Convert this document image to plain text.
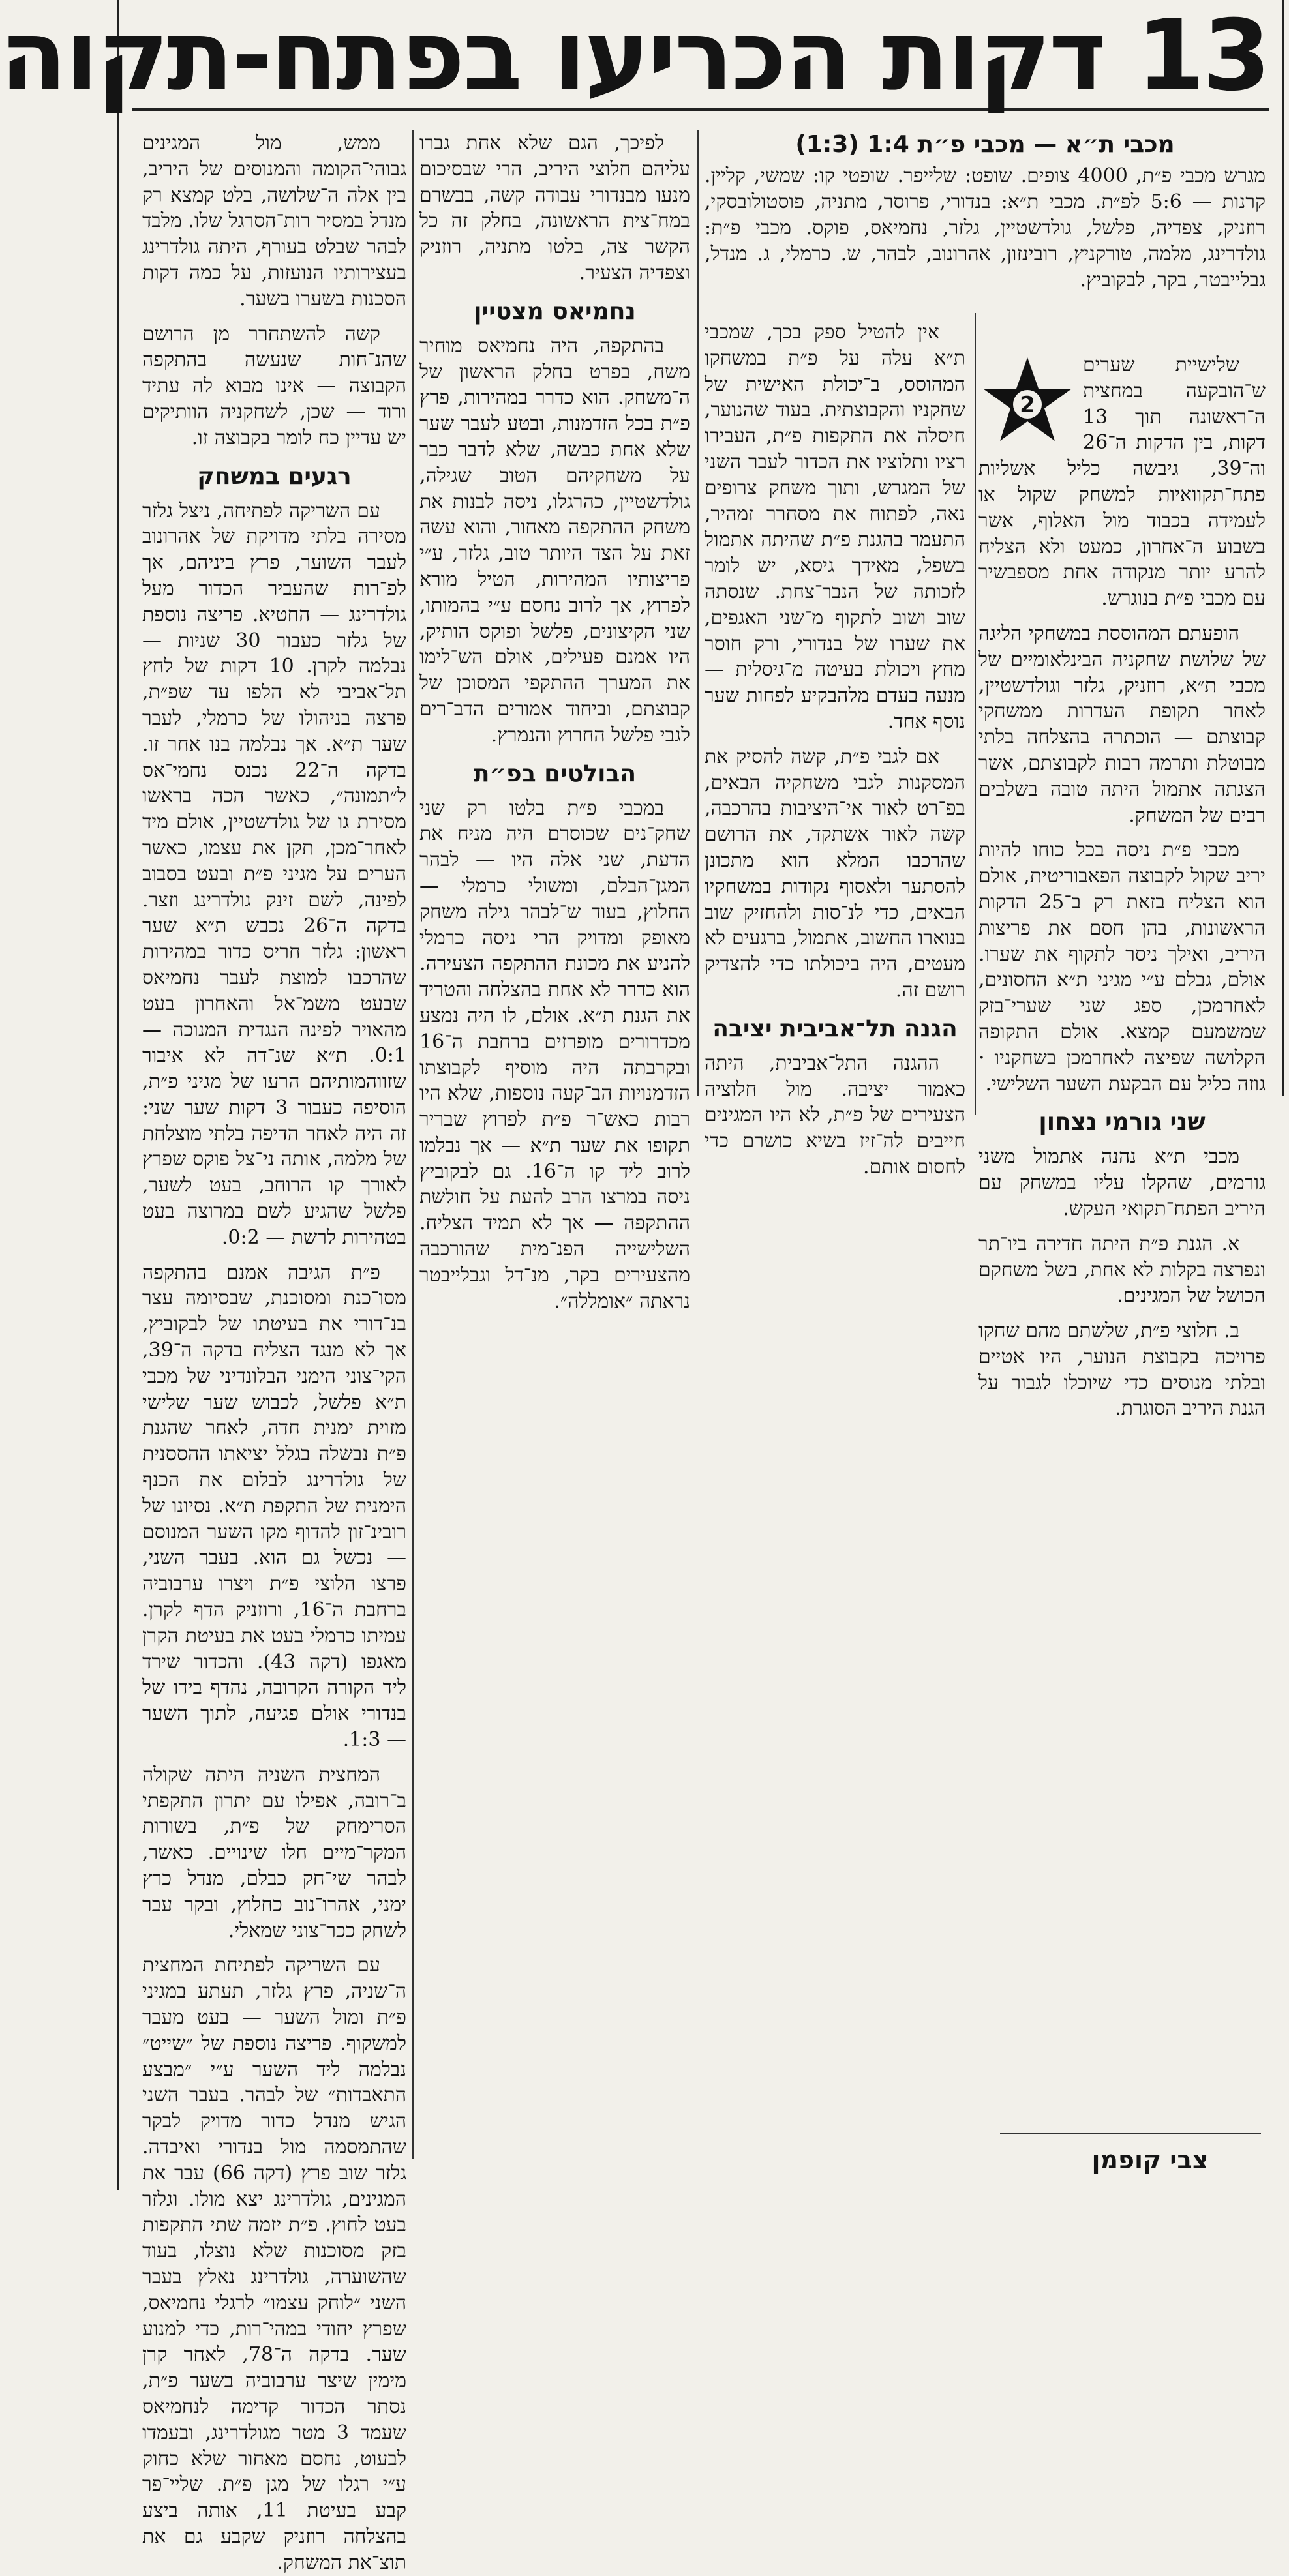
13 דקות הכריעו בפתח-תקוה
מכבי ת״א — מכבי פ״ת 1:4 (1:3)

מגרש מכבי פ״ת, 4000 צופים. שופט: שלייפר. שופטי קו: שמשי, קליין. קרנות — 5:6 לפ״ת. מכבי ת״א: בנדורי, פרוסר, מתניה, פוסטולובסקי, רוזניק, צפדיה, פלשל, גולדשטיין, גלזר, נחמיאס, פוקס. מכבי פ״ת: גולדרינג, מלמה, טורקניץ, רובינזון, אהרונוב, לבהר, ש. כרמלי, ג. מנדל, גבלייבטר, בקר, לבקוביץ.

2

שלישיית שערים ש־הובקעה במחצית ה־ראשונה תוך 13 דקות, בין הדקות ה־26 וה־39, גיבשה כליל אשליות פתח־תקוואיות למשחק שקול או לעמידה בכבוד מול האלוף, אשר בשבוע ה־אחרון, כמעט ולא הצליח להרע יותר מנקודה אחת מספבשיר עם מכבי פ״ת בנוגרש.

הופעתם המהוססת במשחקי הליגה של שלושת שחקניה הבינלאומיים של מכבי ת״א, רוזניק, גלזר וגולדשטיין, לאחר תקופת העדרות ממשחקי קבוצתם — הוכתרה בהצלחה בלתי מבוטלת ותרמה רבות לקבוצתם, אשר הצגתה אתמול היתה טובה בשלבים רבים של המשחק.

מכבי פ״ת ניסה בכל כוחו להיות יריב שקול לקבוצה הפאבוריטית, אולם הוא הצליח בזאת רק ב־25 הדקות הראשונות, בהן חסם את פריצות היריב, ואילך ניסר לתקוף את שערו. אולם, גבלם ע״י מגיני ת״א החסונים, לאחרמכן, ספג שני שערי־בזק שמשמעם קמצא. אולם התקופה הקלושה שפיצה לאחרמכן בשחקניו · גוזה כליל עם הבקעת השער השלישי.

שני גורמי נצחון

מכבי ת״א נהנה אתמול משני גורמים, שהקלו עליו במשחק עם היריב הפתח־תקואי העקש.

א. הגנת פ״ת היתה חדירה ביו־תר ונפרצה בקלות לא אחת, בשל משחקם הכושל של המגינים.

ב. חלוצי פ״ת, שלשתם מהם שחקו פרויכה בקבוצת הנוער, היו אטיים ובלתי מנוסים כדי שיוכלו לגבור על הגנת היריב הסוגרת.

אין להטיל ספק בכך, שמכבי ת״א עלה על פ״ת במשחקו המהוסס, ב־יכולת האישית של שחקניו והקבוצתית. בעוד שהנוער, חיסלה את התקפות פ״ת, העבירו רציו ותלוציו את הכדור לעבר השני של המגרש, ותוך משחק צרופים נאה, לפתוח את מסחרר זמהיר, התעמר בהגנת פ״ת שהיתה אתמול בשפל, מאידך גיסא, יש לומר לזכותה של הנבר־צחת. שנסתה שוב ושוב לתקוף מ־שני האגפים, את שערו של בנדורי, ורק חוסר מחץ ויכולת בעיטה מ־גיסלית — מנעה בעדם מלהבקיע לפחות שער נוסף אחד.

אם לגבי פ״ת, קשה להסיק את המסקנות לגבי משחקיה הבאים, בפ־רט לאור אי־היציבות בהרכבה, קשה לאור אשתקד, את הרושם שהרכבו המלא הוא מתכונן להסתער ולאסוף נקודות במשחקיו הבאים, כדי לנ־סות ולהחזיק שוב בנוארו החשוב, אתמול, ברגעים לא מעטים, היה ביכולתו כדי להצדיק רושם זה.

הגנה תל־אביבית יציבה

ההגנה התל־אביבית, היתה כאמור יציבה. מול חלוציה הצעירים של פ״ת, לא היו המגינים חייבים לה־זיז בשיא כושרם כדי לחסום אותם.

לפיכך, הגם שלא אחת גברו עליהם חלוצי היריב, הרי שבסיכום מנעו מבנדורי עבודה קשה, בבשרם במח־צית הראשונה, בחלק זה כל הקשר צה, בלטו מתניה, רוזניק וצפדיה הצעיר.

נחמיאס מצטיין

בהתקפה, היה נחמיאס מוחיר משח, בפרט בחלק הראשון של ה־משחק. הוא כדרר במהירות, פרץ פ״ת בכל הזדמנות, ובטע לעבר שער שלא אחת כבשה, שלא לדבר כבר על משחקיהם הטוב שגילה, גולדשטיין, כהרגלו, ניסה לבנות את משחק ההתקפה מאחור, והוא עשה זאת על הצד היותר טוב, גלזר, ע״י פריצותיו המהירות, הטיל מורא לפרוץ, אך לרוב נחסם ע״י בהמותו, שני הקיצונים, פלשל ופוקס הותיק, היו אמנם פעילים, אולם הש־לימו את המערך ההתקפי המסוכן של קבוצתם, וביחוד אמורים הדב־רים לגבי פלשל החרוץ והנמרץ.

הבולטים בפ״ת

במכבי פ״ת בלטו רק שני שחק־נים שכוסרם היה מניח את הדעת, שני אלה היו — לבהר המגן־הבלם, ומשולי כרמלי — החלוץ, בעוד ש־לבהר גילה משחק מאופק ומדויק הרי ניסה כרמלי להניע את מכונת ההתקפה הצעירה. הוא כדרר לא אחת בהצלחה והטריד את הגנת ת״א. אולם, לו היה נמצע מכדרורים מופרזים ברחבת ה־16 ובקרבתה היה מוסיף לקבוצתו הזדמנויות הב־קעה נוספות, שלא היו רבות כאש־ר פ״ת לפרוץ שבריר תקופו את שער ת״א — אך נבלמו לרוב ליד קו ה־16. גם לבקוביץ ניסה במרצו הרב להעת על חולשת ההתקפה — אך לא תמיד הצליח. השלישייה הפנ־מית שהורכבה מהצעירים בקר, מנ־דל וגבלייבטר נראתה ״אומללה״.

ממש, מול המגינים גבוהי־הקומה והמנוסים של היריב, בין אלה ה־שלושה, בלט קמצא רק מנדל במסיר רות־הסרגל שלו. מלבד לבהר שבלט בעורף, היתה גולדרינג בעצירותיו הנועזות, על כמה דקות הסכנות בשערו בשער.

קשה להשתחרר מן הרושם שהנ־חות שנעשה בהתקפה הקבוצה — אינו מבוא לה עתיד ורוד — שכן, לשחקניה הוותיקים יש עדיין כח לומר בקבוצה זו.

רגעים במשחק

עם השריקה לפתיחה, ניצל גלזר מסירה בלתי מדויקת של אהרונוב לעבר השוער, פרץ ביניהם, אך לפ־רות שהעביר הכדור מעל גולדרינג — החטיא. פריצה נוספת של גלזר כעבור 30 שניות — נבלמה לקרן. 10 דקות של לחץ תל־אביבי לא הלפו עד שפ״ת, פרצה בניהולו של כרמלי, לעבר שער ת״א. אך נבלמה בנו אחר זו. בדקה ה־22 נכנס נחמי־אס ל״תמונה״, כאשר הכה בראשו מסירת גו של גולדשטיין, אולם מיד לאחר־מכן, תקן את עצמו, כאשר הערים על מגיני פ״ת ובעט בסבוב לפינה, לשם זינק גולדרינג וזצר. בדקה ה־26 נכבש ת״א שער ראשון: גלזר חריס כדור במהירות שהרכבו למוצת לעבר נחמיאס שבעט משמ־אל והאחרון בעט מהאויר לפינה הנגדית המנוכה — 0:1. ת״א שנ־דה לא איבור שזווהמותיהם הרעו של מגיני פ״ת, הוסיפה כעבור 3 דקות שער שני: זה היה לאחר הדיפה בלתי מוצלחת של מלמה, אותה ני־צל פוקס שפרץ לאורך קו הרוחב, בעט לשער, פלשל שהגיע לשם במרוצה בעט בטהירות לרשת — 0:2.

פ״ת הגיבה אמנם בהתקפה מסו־כנת ומסוכנת, שבסיומה עצר בנ־דורי את בעיטתו של לבקוביץ, אך לא מנגד הצליח בדקה ה־39, הקי־צוני הימני הבלונדיני של מכבי ת״א פלשל, לכבוש שער שלישי מזוית ימנית חדה, לאחר שהגנת פ״ת נבשלה בגלל יציאתו ההססנית של גולדרינג לבלום את הכנף הימנית של התקפת ת״א. נסיונו של רובינ־זון להדוף מקו השער המנוסם — נכשל גם הוא. בעבר השני, פרצו הלוצי פ״ת ויצרו ערבוביה ברחבת ה־16, ורוזניק הדף לקרן. עמיתו כרמלי בעט את בעיטת הקרן מאגפו (דקה 43). והכדור שירד ליד הקורה הקרובה, נהדף בידו של בנדורי אולם פגיעה, לתוך השער — 1:3.

המחצית השניה היתה שקולה ב־רובה, אפילו עם יתרון התקפתי הסרימחק של פ״ת, בשורות המקר־מיים חלו שינויים. כאשר, לבהר שי־חק כבלם, מנדל כרץ ימני, אהרו־נוב כחלוץ, ובקר עבר לשחק ככר־צוני שמאלי.

עם השריקה לפתיחת המחצית ה־שניה, פרץ גלזר, תעתע במגיני פ״ת ומול השער — בעט מעבר למשקוף. פריצה נוספת של ״שייט״ נבלמה ליד השער ע״י ״מבצע התאבדות״ של לבהר. בעבר השני הגיש מנדל כדור מדויק לבקר שהתמסמה מול בנדורי ואיבדה. גלזר שוב פרץ (דקה 66) עבר את המגינים, גולדרינג יצא מולו. וגלזר בעט לחוץ. פ״ת יזמה שתי התקפות בזק מסוכנות שלא נוצלו, בעוד שהשוערה, גולדרינג נאלץ בעבר השני ״לוחק עצמו״ לרגלי נחמיאס, שפרץ יחודי במהי־רות, כדי למנוע שער. בדקה ה־78, לאחר קרן מימין שיצר ערבוביה בשער פ״ת, נסתר הכדור קדימה לנחמיאס שעמד 3 מטר מגולדרינג, ובעמדו לבעוט, נחסם מאחור שלא כחוק ע״י רגלו של מגן פ״ת. שליי־פר קבע בעיטת 11, אותה ביצע בהצלחה רוזניק שקבע גם את תוצ־את המשחק.

צבי קופמן
